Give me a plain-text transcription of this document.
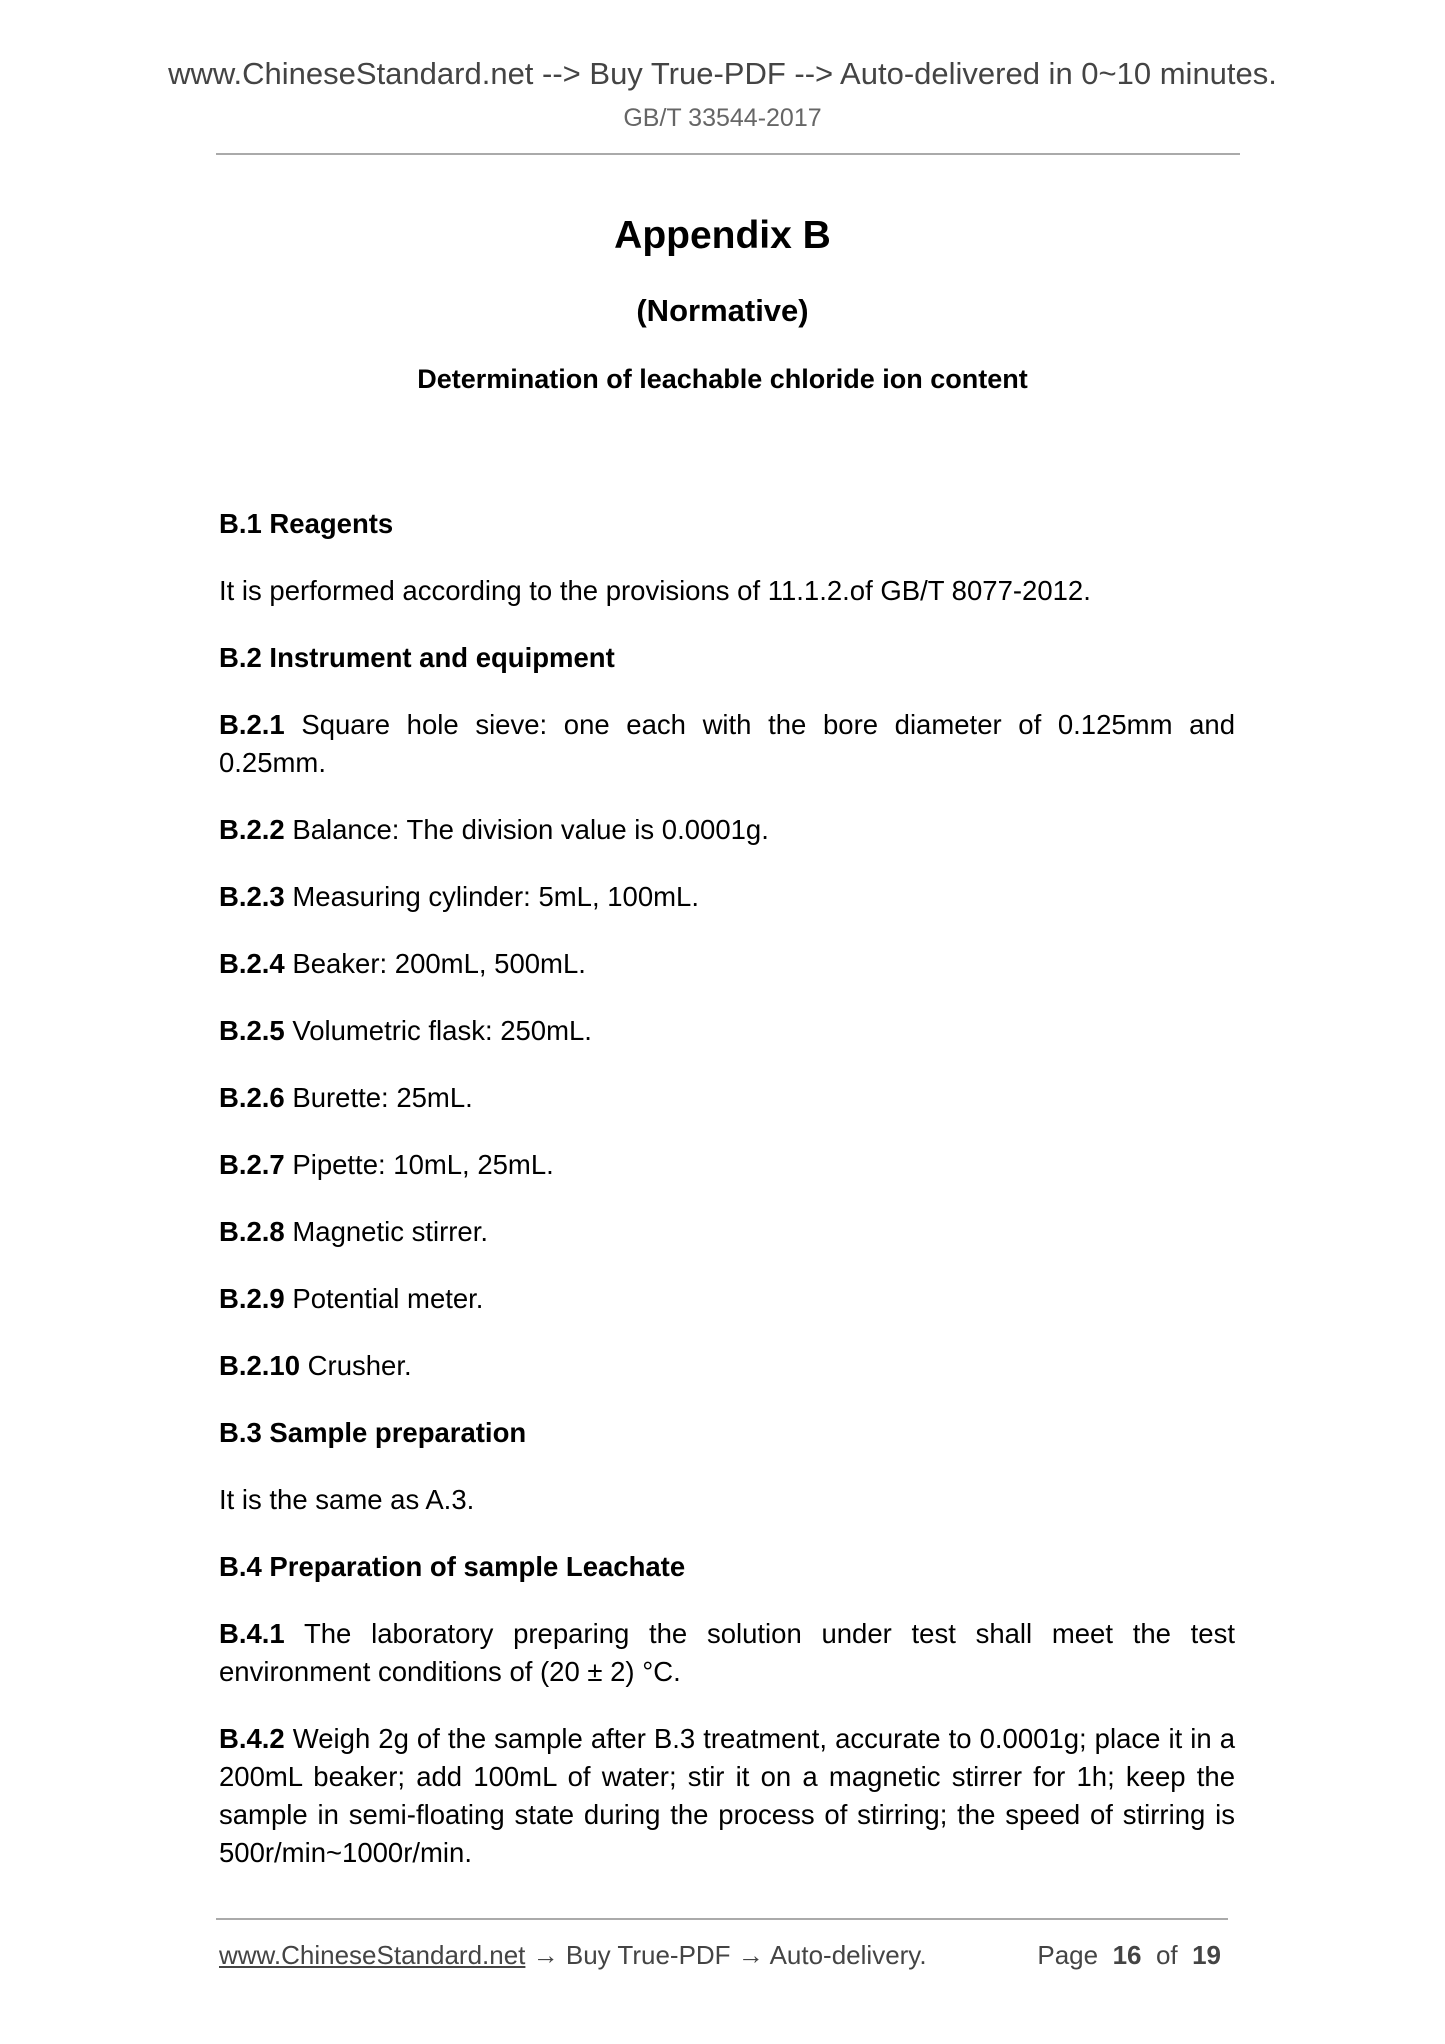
www.ChineseStandard.net --> Buy True-PDF --> Auto-delivered in 0~10 minutes.
GB/T 33544-2017
Appendix B
(Normative)
Determination of leachable chloride ion content

B.1 Reagents

It is performed according to the provisions of 11.1.2.of GB/T 8077-2012.

B.2 Instrument and equipment

B.2.1 Square hole sieve: one each with the bore diameter of 0.125mm and 0.25mm.

B.2.2 Balance: The division value is 0.0001g.

B.2.3 Measuring cylinder: 5mL, 100mL.

B.2.4 Beaker: 200mL, 500mL.

B.2.5 Volumetric flask: 250mL.

B.2.6 Burette: 25mL.

B.2.7 Pipette: 10mL, 25mL.

B.2.8 Magnetic stirrer.

B.2.9 Potential meter.

B.2.10 Crusher.

B.3 Sample preparation

It is the same as A.3.

B.4 Preparation of sample Leachate

B.4.1 The laboratory preparing the solution under test shall meet the test environment conditions of (20 ± 2) °C.

B.4.2 Weigh 2g of the sample after B.3 treatment, accurate to 0.0001g; place it in a 200mL beaker; add 100mL of water; stir it on a magnetic stirrer for 1h; keep the sample in semi-floating state during the process of stirring; the speed of stirring is 500r/min~1000r/min.

www.ChineseStandard.net → Buy True-PDF → Auto-delivery.	Page 16 of 19
